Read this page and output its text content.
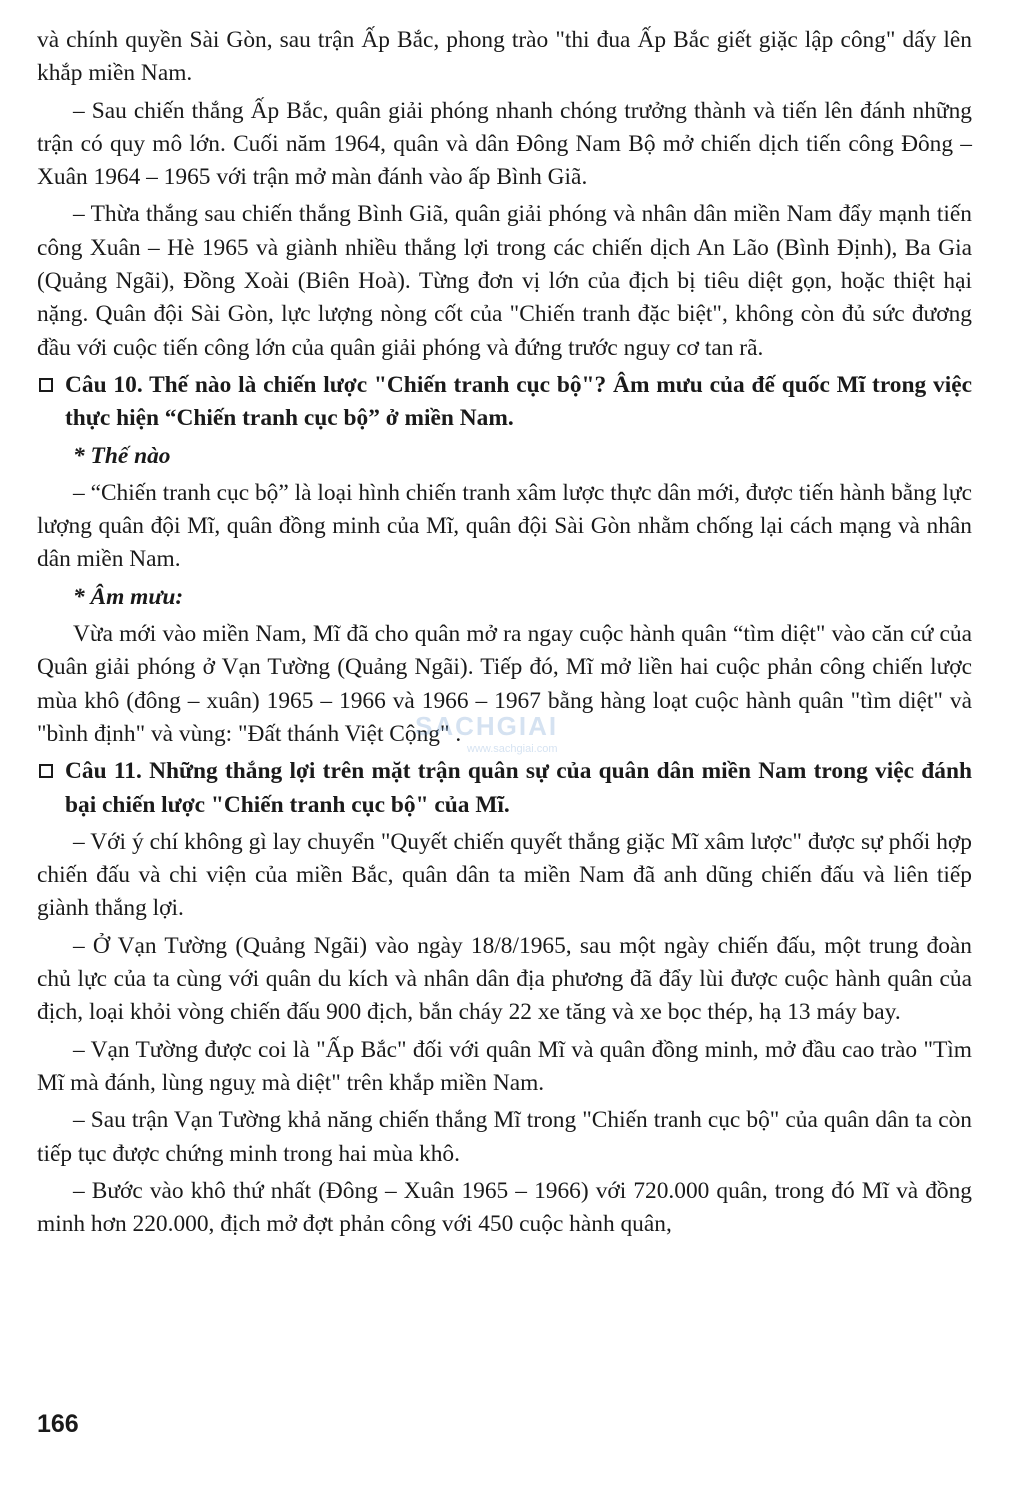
và chính quyền Sài Gòn, sau trận Ấp Bắc, phong trào "thi đua Ấp Bắc giết giặc lập công" dấy lên khắp miền Nam.

– Sau chiến thắng Ấp Bắc, quân giải phóng nhanh chóng trưởng thành và tiến lên đánh những trận có quy mô lớn. Cuối năm 1964, quân và dân Đông Nam Bộ mở chiến dịch tiến công Đông – Xuân 1964 – 1965 với trận mở màn đánh vào ấp Bình Giã.

– Thừa thắng sau chiến thắng Bình Giã, quân giải phóng và nhân dân miền Nam đẩy mạnh tiến công Xuân – Hè 1965 và giành nhiều thắng lợi trong các chiến dịch An Lão (Bình Định), Ba Gia (Quảng Ngãi), Đồng Xoài (Biên Hoà). Từng đơn vị lớn của địch bị tiêu diệt gọn, hoặc thiệt hại nặng. Quân đội Sài Gòn, lực lượng nòng cốt của "Chiến tranh đặc biệt", không còn đủ sức đương đầu với cuộc tiến công lớn của quân giải phóng và đứng trước nguy cơ tan rã.

Câu 10. Thế nào là chiến lược "Chiến tranh cục bộ"? Âm mưu của đế quốc Mĩ trong việc thực hiện “Chiến tranh cục bộ” ở miền Nam.
* Thế nào

– “Chiến tranh cục bộ” là loại hình chiến tranh xâm lược thực dân mới, được tiến hành bằng lực lượng quân đội Mĩ, quân đồng minh của Mĩ, quân đội Sài Gòn nhằm chống lại cách mạng và nhân dân miền Nam.

* Âm mưu:

Vừa mới vào miền Nam, Mĩ đã cho quân mở ra ngay cuộc hành quân “tìm diệt" vào căn cứ của Quân giải phóng ở Vạn Tường (Quảng Ngãi). Tiếp đó, Mĩ mở liền hai cuộc phản công chiến lược mùa khô (đông – xuân) 1965 – 1966 và 1966 – 1967 bằng hàng loạt cuộc hành quân "tìm diệt" và "bình định" và vùng: "Đất thánh Việt Cộng" .

Câu 11. Những thắng lợi trên mặt trận quân sự của quân dân miền Nam trong việc đánh bại chiến lược "Chiến tranh cục bộ" của Mĩ.

– Với ý chí không gì lay chuyển "Quyết chiến quyết thắng giặc Mĩ xâm lược" được sự phối hợp chiến đấu và chi viện của miền Bắc, quân dân ta miền Nam đã anh dũng chiến đấu và liên tiếp giành thắng lợi.

– Ở Vạn Tường (Quảng Ngãi) vào ngày 18/8/1965, sau một ngày chiến đấu, một trung đoàn chủ lực của ta cùng với quân du kích và nhân dân địa phương đã đẩy lùi được cuộc hành quân của địch, loại khỏi vòng chiến đấu 900 địch, bắn cháy 22 xe tăng và xe bọc thép, hạ 13 máy bay.

– Vạn Tường được coi là "Ấp Bắc" đối với quân Mĩ và quân đồng minh, mở đầu cao trào "Tìm Mĩ mà đánh, lùng nguỵ mà diệt" trên khắp miền Nam.

– Sau trận Vạn Tường khả năng chiến thắng Mĩ trong "Chiến tranh cục bộ" của quân dân ta còn tiếp tục được chứng minh trong hai mùa khô.

– Bước vào khô thứ nhất (Đông – Xuân 1965 – 1966) với 720.000 quân, trong đó Mĩ và đồng minh hơn 220.000, địch mở đợt phản công với 450 cuộc hành quân,

SACHGIAI
www.sachgiai.com
166
